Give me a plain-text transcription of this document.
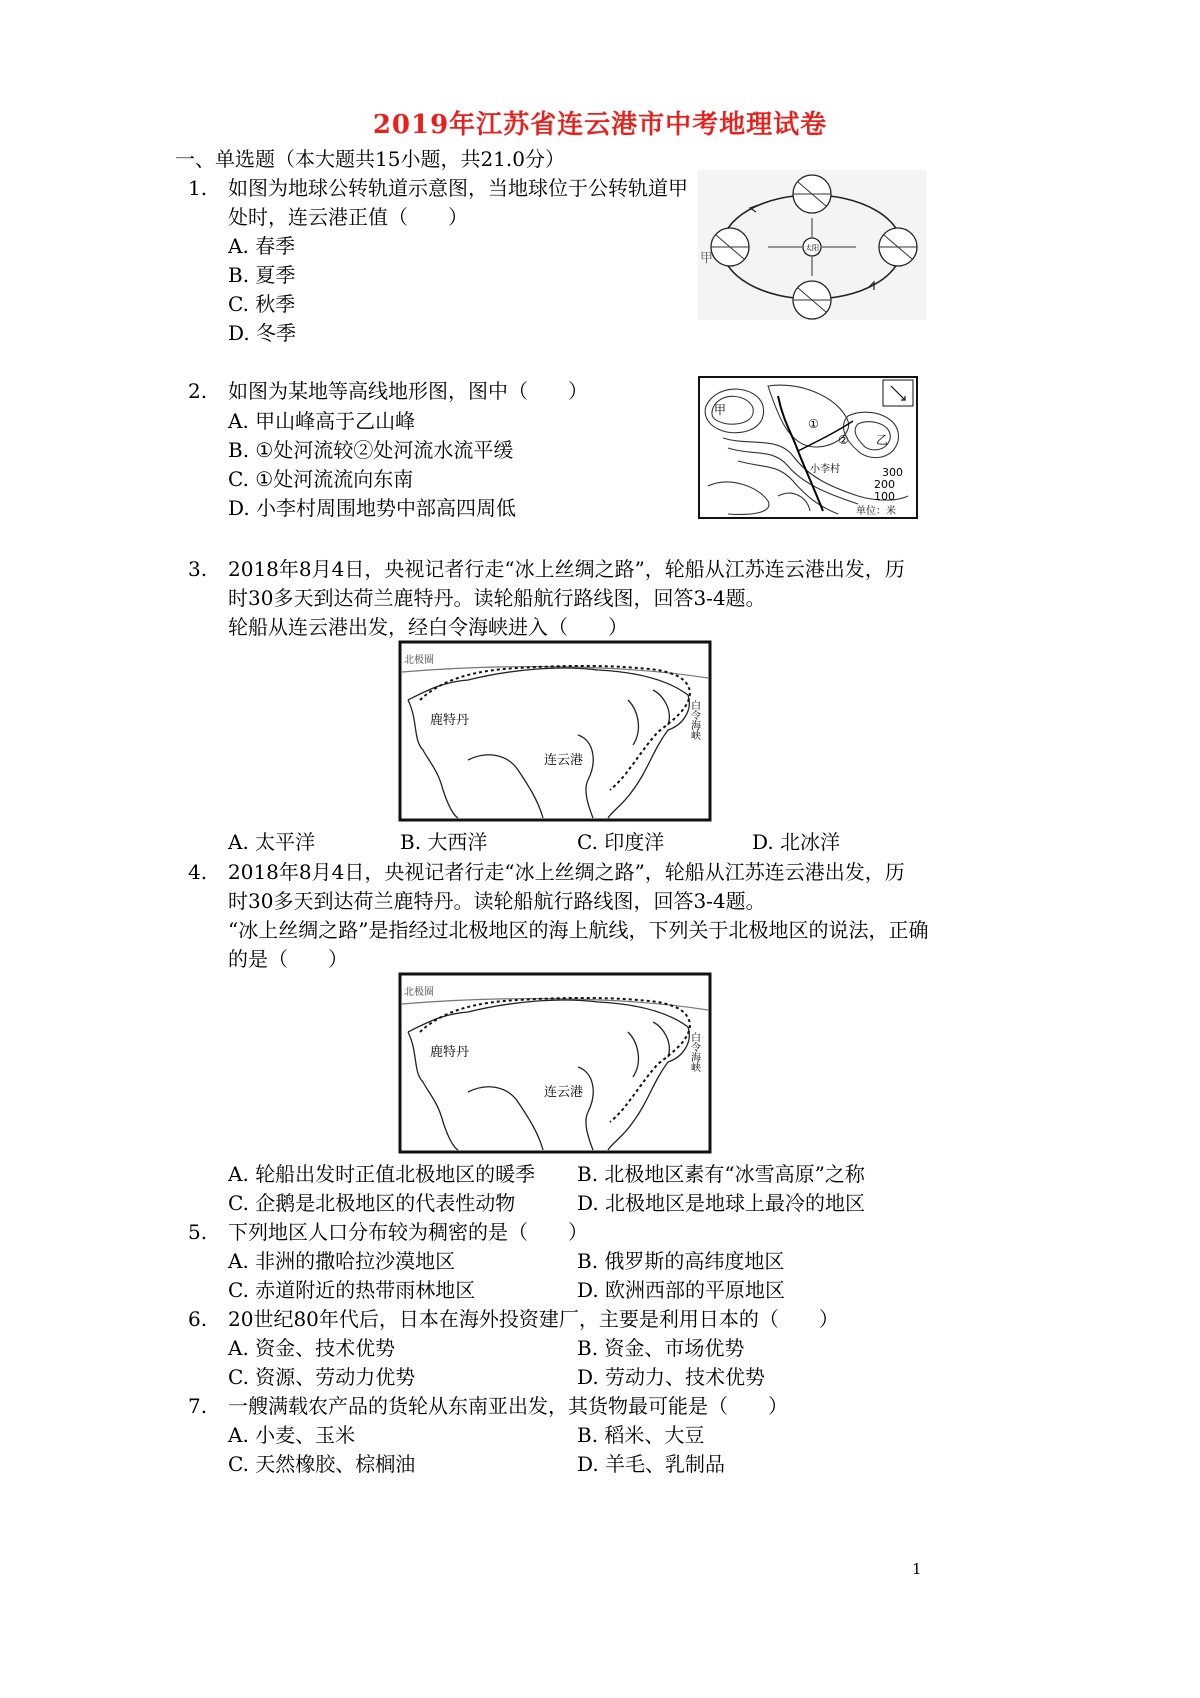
2019年江苏省连云港市中考地理试卷
一、单选题（本大题共15小题，共21.0分）
1. 如图为地球公转轨道示意图，当地球位于公转轨道甲
处时，连云港正值（　　）
A. 春季
B. 夏季
C. 秋季
D. 冬季
太阳
甲
2. 如图为某地等高线地形图，图中（　　）
A. 甲山峰高于乙山峰
B. ①处河流较②处河流水流平缓
C. ①处河流流向东南
D. 小李村周围地势中部高四周低
甲
乙
①
②
小李村	300
200
100
单位：米
3. 2018年8月4日，央视记者行走“冰上丝绸之路”，轮船从江苏连云港出发，历
时30多天到达荷兰鹿特丹。读轮船航行路线图，回答3-4题。
轮船从连云港出发，经白令海峡进入（　　）
北极圈
鹿特丹
连云港
白令海峡
A. 太平洋	B. 大西洋	C. 印度洋	D. 北冰洋
4. 2018年8月4日，央视记者行走“冰上丝绸之路”，轮船从江苏连云港出发，历
时30多天到达荷兰鹿特丹。读轮船航行路线图，回答3-4题。
“冰上丝绸之路”是指经过北极地区的海上航线，下列关于北极地区的说法，正确
的是（　　）
北极圈
鹿特丹
连云港
白令海峡
A. 轮船出发时正值北极地区的暖季 B. 北极地区素有“冰雪高原”之称
C. 企鹅是北极地区的代表性动物	D. 北极地区是地球上最冷的地区
5. 下列地区人口分布较为稠密的是（　　）
A. 非洲的撒哈拉沙漠地区	B. 俄罗斯的高纬度地区
C. 赤道附近的热带雨林地区	D. 欧洲西部的平原地区
6. 20世纪80年代后，日本在海外投资建厂，主要是利用日本的（　　）
A. 资金、技术优势	B. 资金、市场优势
C. 资源、劳动力优势	D. 劳动力、技术优势
7. 一艘满载农产品的货轮从东南亚出发，其货物最可能是（　　）
A. 小麦、玉米	B. 稻米、大豆
C. 天然橡胶、棕榈油	D. 羊毛、乳制品
1
